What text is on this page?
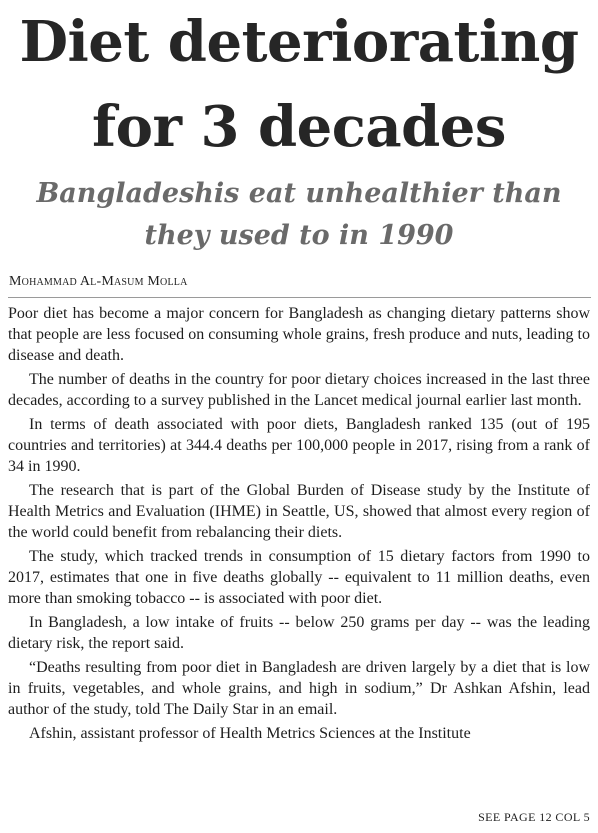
Diet deteriorating
for 3 decades
Bangladeshis eat unhealthier than
they used to in 1990

Mohammad Al-Masum Molla

Poor diet has become a major concern for Bangladesh as changing dietary patterns show that people are less focused on consuming whole grains, fresh produce and nuts, leading to disease and death.

The number of deaths in the country for poor dietary choices increased in the last three decades, according to a survey published in the Lancet medical journal earlier last month.

In terms of death associated with poor diets, Bangladesh ranked 135 (out of 195 countries and territories) at 344.4 deaths per 100,000 people in 2017, rising from a rank of 34 in 1990.

The research that is part of the Global Burden of Disease study by the Institute of Health Metrics and Evaluation (IHME) in Seattle, US, showed that almost every region of the world could benefit from rebalancing their diets.

The study, which tracked trends in consumption of 15 dietary factors from 1990 to 2017, estimates that one in five deaths globally -- equivalent to 11 million deaths, even more than smoking tobacco -- is associated with poor diet.

In Bangladesh, a low intake of fruits -- below 250 grams per day -- was the leading dietary risk, the report said.

“Deaths resulting from poor diet in Bangladesh are driven largely by a diet that is low in fruits, vegetables, and whole grains, and high in sodium,” Dr Ashkan Afshin, lead author of the study, told The Daily Star in an email.

Afshin, assistant professor of Health Metrics Sciences at the Institute

SEE PAGE 12 COL 5
